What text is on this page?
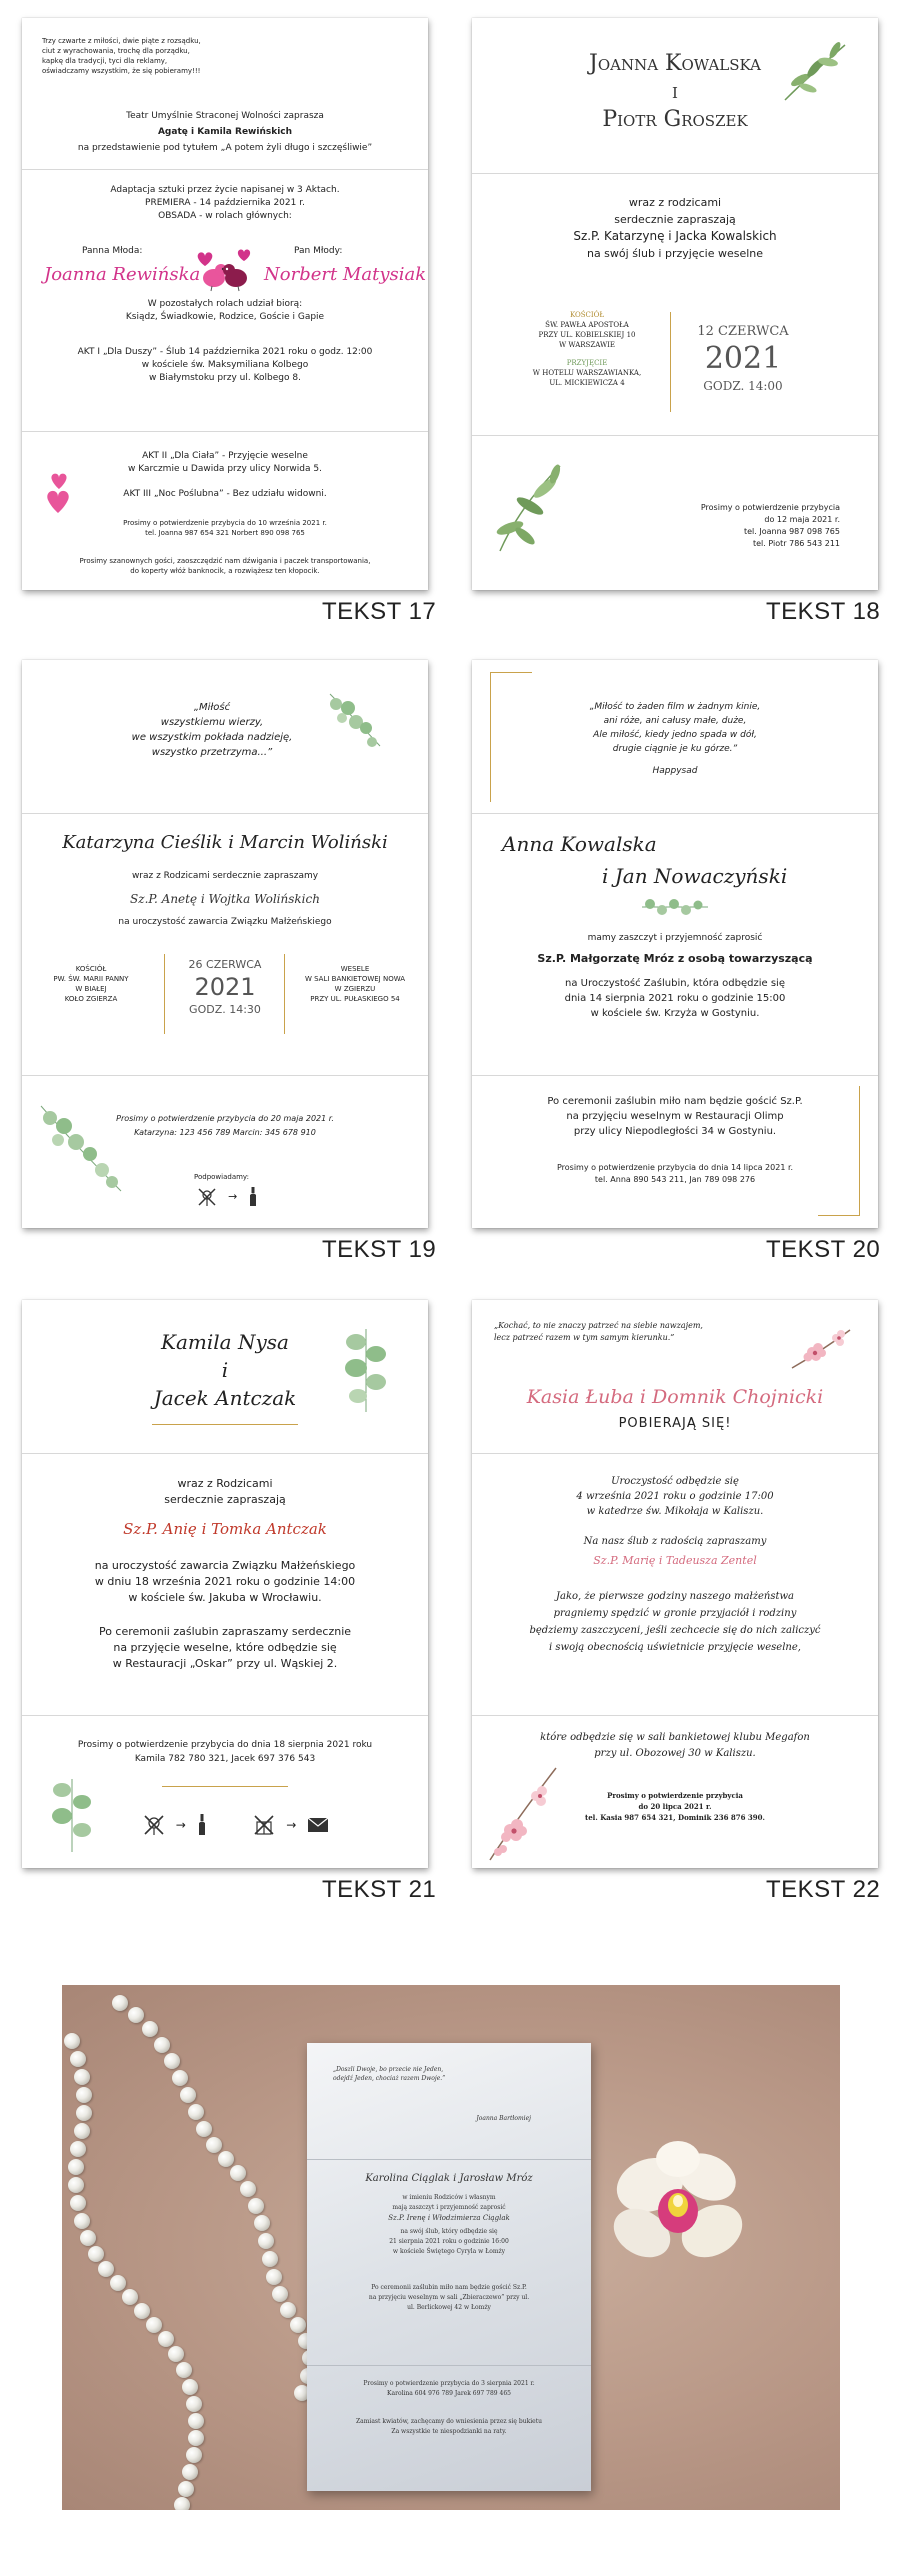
Trzy czwarte z miłości, dwie piąte z rozsądku,
ciut z wyrachowania, trochę dla porządku,
kapkę dla tradycji, tyci dla reklamy,
oświadczamy wszystkim, że się pobieramy!!!
Teatr Umyślnie Straconej Wolności zaprasza
Agatę i Kamila Rewińskich
na przedstawienie pod tytułem „A potem żyli długo i szczęśliwie”
Adaptacja sztuki przez życie napisanej w 3 Aktach.
PREMIERA - 14 października 2021 r.
OBSADA - w rolach głównych:
Panna Młoda:	Pan Młody:
Joanna Rewińska	Norbert Matysiak
W pozostałych rolach udział biorą:
Ksiądz, Świadkowie, Rodzice, Goście i Gapie
AKT I „Dla Duszy” - Ślub 14 października 2021 roku o godz. 12:00
w kościele św. Maksymiliana Kolbego
w Białymstoku przy ul. Kolbego 8.
AKT II „Dla Ciała” - Przyjęcie weselne
w Karczmie u Dawida przy ulicy Norwida 5.
AKT III „Noc Poślubna” - Bez udziału widowni.
Prosimy o potwierdzenie przybycia do 10 września 2021 r.
tel. Joanna 987 654 321 Norbert 890 098 765
Prosimy szanownych gości, zaoszczędzić nam dźwigania i paczek transportowania,
do koperty włóż banknocik, a rozwiążesz ten kłopocik.
TEKST 17
Joanna Kowalska
i
Piotr Groszek
wraz z rodzicami
serdecznie zapraszają
Sz.P. Katarzynę i Jacka Kowalskich
na swój ślub i przyjęcie weselne
KOŚCIÓŁ
ŚW. PAWŁA APOSTOŁA
PRZY UL. KOBIELSKIEJ 10
W WARSZAWIE
PRZYJĘCIE
W HOTELU WARSZAWIANKA,
UL. MICKIEWICZA 4
12 CZERWCA
2021
GODZ. 14:00
Prosimy o potwierdzenie przybycia
do 12 maja 2021 r.
tel. Joanna 987 098 765
tel. Piotr 786 543 211
TEKST 18
„Miłość
wszystkiemu wierzy,
we wszystkim pokłada nadzieję,
wszystko przetrzyma...”
Katarzyna Cieślik i Marcin Woliński
wraz z Rodzicami serdecznie zapraszamy
Sz.P. Anetę i Wojtka Wolińskich
na uroczystość zawarcia Związku Małżeńskiego
KOŚCIÓŁ
PW. ŚW. MARII PANNY
W BIAŁEJ
KOŁO ZGIERZA
26 CZERWCA
2021
GODZ. 14:30
WESELE
W SALI BANKIETOWEJ NOWA
W ZGIERZU
PRZY UL. PUŁASKIEGO 54
Prosimy o potwierdzenie przybycia do 20 maja 2021 r.
Katarzyna: 123 456 789 Marcin: 345 678 910
Podpowiadamy:
→
TEKST 19
„Miłość to żaden film w żadnym kinie,
ani róże, ani całusy małe, duże,
Ale miłość, kiedy jedno spada w dół,
drugie ciągnie je ku górze.”
Happysad
Anna Kowalska
i Jan Nowaczyński
mamy zaszczyt i przyjemność zaprosić
Sz.P. Małgorzatę Mróz z osobą towarzyszącą
na Uroczystość Zaślubin, która odbędzie się
dnia 14 sierpnia 2021 roku o godzinie 15:00
w kościele św. Krzyża w Gostyniu.
Po ceremonii zaślubin miło nam będzie gościć Sz.P.
na przyjęciu weselnym w Restauracji Olimp
przy ulicy Niepodległości 34 w Gostyniu.
Prosimy o potwierdzenie przybycia do dnia 14 lipca 2021 r.
tel. Anna 890 543 211, Jan 789 098 276
TEKST 20
Kamila Nysa
i
Jacek Antczak
wraz z Rodzicami
serdecznie zapraszają
Sz.P. Anię i Tomka Antczak
na uroczystość zawarcia Związku Małżeńskiego
w dniu 18 września 2021 roku o godzinie 14:00
w kościele św. Jakuba w Wrocławiu.
Po ceremonii zaślubin zapraszamy serdecznie
na przyjęcie weselne, które odbędzie się
w Restauracji „Oskar” przy ul. Wąskiej 2.
Prosimy o potwierdzenie przybycia do dnia 18 sierpnia 2021 roku
Kamila 782 780 321, Jacek 697 376 543
→	→
TEKST 21
„Kochać, to nie znaczy patrzeć na siebie nawzajem,
lecz patrzeć razem w tym samym kierunku.”
Kasia Łuba i Domnik Chojnicki
POBIERAJĄ SIĘ!
Uroczystość odbędzie się
4 września 2021 roku o godzinie 17:00
w katedrze św. Mikołaja w Kaliszu.
Na nasz ślub z radością zapraszamy
Sz.P. Marię i Tadeusza Zentel
Jako, że pierwsze godziny naszego małżeństwa
pragniemy spędzić w gronie przyjaciół i rodziny
będziemy zaszczyceni, jeśli zechcecie się do nich zaliczyć
i swoją obecnością uświetnicie przyjęcie weselne,
które odbędzie się w sali bankietowej klubu Megafon
przy ul. Obozowej 30 w Kaliszu.
Prosimy o potwierdzenie przybycia
do 20 lipca 2021 r.
tel. Kasia 987 654 321, Dominik 236 876 390.
TEKST 22
„Doszli Dwoje, bo przecie nie Jeden,
odejdź Jeden, chociaż razem Dwoje.”
Joanna Bartłomiej
Karolina Ciąglak i Jarosław Mróz
w imieniu Rodziców i własnym
mają zaszczyt i przyjemność zaprosić
Sz.P. Irenę i Włodzimierza Ciąglak
na swój ślub, który odbędzie się
21 sierpnia 2021 roku o godzinie 16:00
w kościele Świętego Cyryla w Łomży
Po ceremonii zaślubin miło nam będzie gościć Sz.P.
na przyjęciu weselnym w sali „Zbieraczewo” przy ul.
ul. Berlickowej 42 w Łomży
Prosimy o potwierdzenie przybycia do 3 sierpnia 2021 r.
Karolina 604 976 789 Jarek 697 789 465
Zamiast kwiatów, zachęcamy do wniesienia przez się bukietu
Za wszystkie te niespodzianki na raty.
